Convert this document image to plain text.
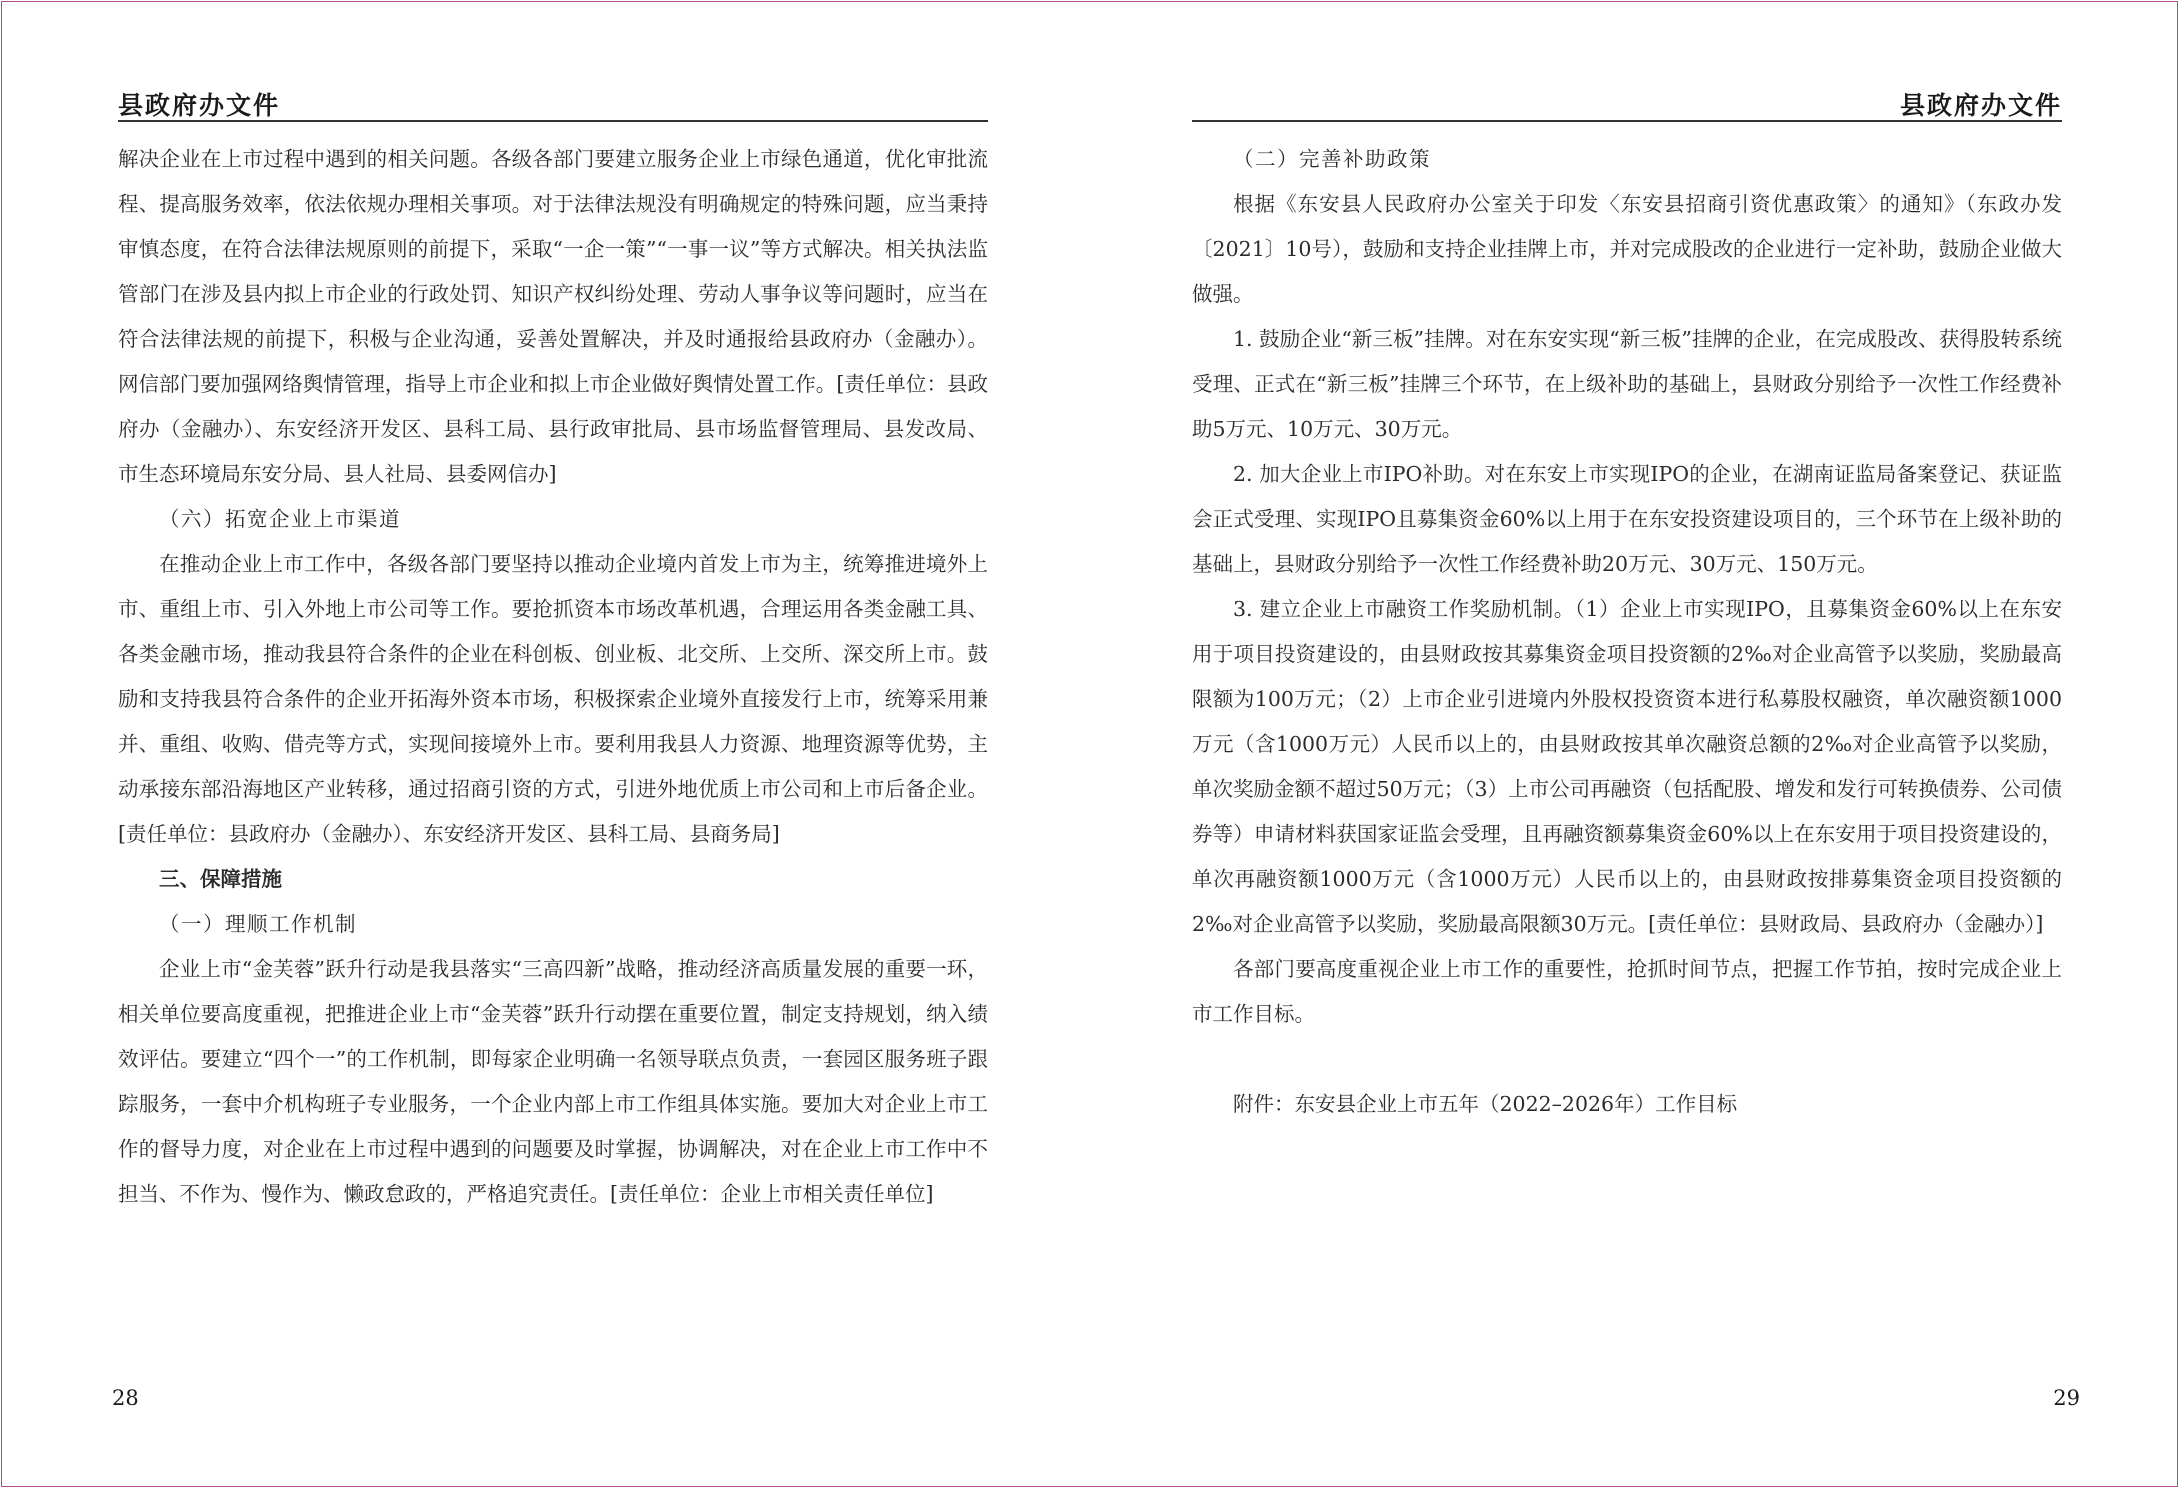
县政府办文件

解决企业在上市过程中遇到的相关问题。各级各部门要建立服务企业上市绿色通道，优化审批流程、提高服务效率，依法依规办理相关事项。对于法律法规没有明确规定的特殊问题，应当秉持审慎态度，在符合法律法规原则的前提下，采取“一企一策”“一事一议”等方式解决。相关执法监管部门在涉及县内拟上市企业的行政处罚、知识产权纠纷处理、劳动人事争议等问题时，应当在符合法律法规的前提下，积极与企业沟通，妥善处置解决，并及时通报给县政府办（金融办）。网信部门要加强网络舆情管理，指导上市企业和拟上市企业做好舆情处置工作。[责任单位：县政府办（金融办）、东安经济开发区、县科工局、县行政审批局、县市场监督管理局、县发改局、市生态环境局东安分局、县人社局、县委网信办]

（六）拓宽企业上市渠道

在推动企业上市工作中，各级各部门要坚持以推动企业境内首发上市为主，统筹推进境外上市、重组上市、引入外地上市公司等工作。要抢抓资本市场改革机遇，合理运用各类金融工具、各类金融市场，推动我县符合条件的企业在科创板、创业板、北交所、上交所、深交所上市。鼓励和支持我县符合条件的企业开拓海外资本市场，积极探索企业境外直接发行上市，统筹采用兼并、重组、收购、借壳等方式，实现间接境外上市。要利用我县人力资源、地理资源等优势，主动承接东部沿海地区产业转移，通过招商引资的方式，引进外地优质上市公司和上市后备企业。[责任单位：县政府办（金融办）、东安经济开发区、县科工局、县商务局]

三、保障措施

（一）理顺工作机制

企业上市“金芙蓉”跃升行动是我县落实“三高四新”战略，推动经济高质量发展的重要一环，相关单位要高度重视，把推进企业上市“金芙蓉”跃升行动摆在重要位置，制定支持规划，纳入绩效评估。要建立“四个一”的工作机制，即每家企业明确一名领导联点负责，一套园区服务班子跟踪服务，一套中介机构班子专业服务，一个企业内部上市工作组具体实施。要加大对企业上市工作的督导力度，对企业在上市过程中遇到的问题要及时掌握，协调解决，对在企业上市工作中不担当、不作为、慢作为、懒政怠政的，严格追究责任。[责任单位：企业上市相关责任单位]

28
县政府办文件

（二）完善补助政策

根据《东安县人民政府办公室关于印发〈东安县招商引资优惠政策〉的通知》（东政办发〔2021〕10号），鼓励和支持企业挂牌上市，并对完成股改的企业进行一定补助，鼓励企业做大做强。

1. 鼓励企业“新三板”挂牌。对在东安实现“新三板”挂牌的企业，在完成股改、获得股转系统受理、正式在“新三板”挂牌三个环节，在上级补助的基础上，县财政分别给予一次性工作经费补助5万元、10万元、30万元。

2. 加大企业上市IPO补助。对在东安上市实现IPO的企业，在湖南证监局备案登记、获证监会正式受理、实现IPO且募集资金60%以上用于在东安投资建设项目的，三个环节在上级补助的基础上，县财政分别给予一次性工作经费补助20万元、30万元、150万元。

3. 建立企业上市融资工作奖励机制。（1）企业上市实现IPO，且募集资金60%以上在东安用于项目投资建设的，由县财政按其募集资金项目投资额的2‰对企业高管予以奖励，奖励最高限额为100万元；（2）上市企业引进境内外股权投资资本进行私募股权融资，单次融资额1000万元（含1000万元）人民币以上的，由县财政按其单次融资总额的2‰对企业高管予以奖励，单次奖励金额不超过50万元；（3）上市公司再融资（包括配股、增发和发行可转换债券、公司债券等）申请材料获国家证监会受理，且再融资额募集资金60%以上在东安用于项目投资建设的，单次再融资额1000万元（含1000万元）人民币以上的，由县财政按排募集资金项目投资额的2‰对企业高管予以奖励，奖励最高限额30万元。[责任单位：县财政局、县政府办（金融办）]

各部门要高度重视企业上市工作的重要性，抢抓时间节点，把握工作节拍，按时完成企业上市工作目标。

附件：东安县企业上市五年（2022–2026年）工作目标

29
